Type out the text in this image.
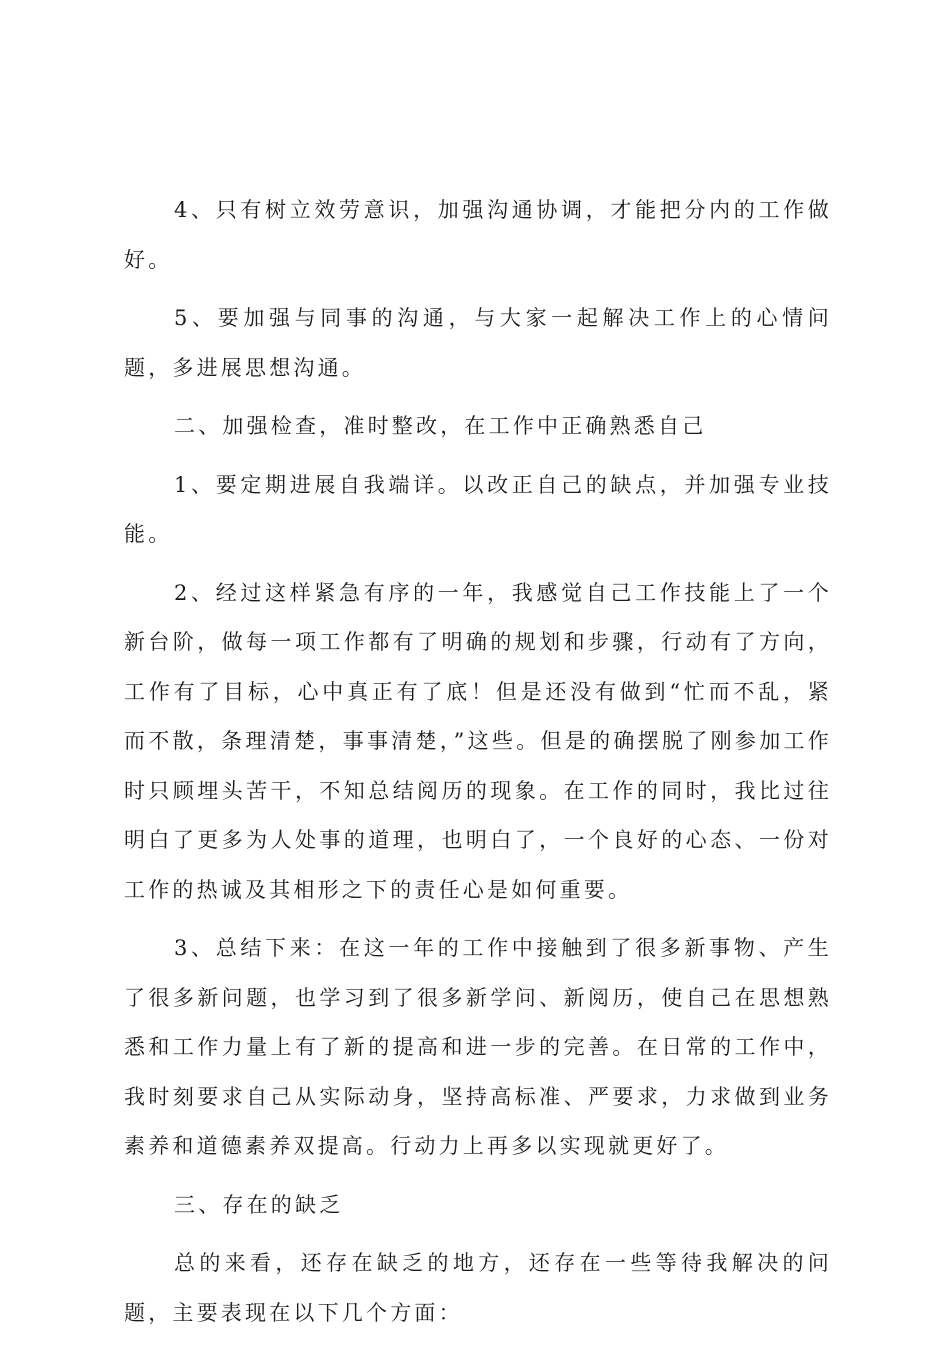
4、只有树立效劳意识，加强沟通协调，才能把分内的工作做好。

5、要加强与同事的沟通，与大家一起解决工作上的心情问题，多进展思想沟通。

二、加强检查，准时整改，在工作中正确熟悉自己

1、要定期进展自我端详。以改正自己的缺点，并加强专业技能。

2、经过这样紧急有序的一年，我感觉自己工作技能上了一个新台阶，做每一项工作都有了明确的规划和步骤，行动有了方向，工作有了目标，心中真正有了底！但是还没有做到“忙而不乱，紧而不散，条理清楚，事事清楚，”这些。但是的确摆脱了刚参加工作时只顾埋头苦干，不知总结阅历的现象。在工作的同时，我比过往明白了更多为人处事的道理，也明白了，一个良好的心态、一份对工作的热诚及其相形之下的责任心是如何重要。

3、总结下来：在这一年的工作中接触到了很多新事物、产生了很多新问题，也学习到了很多新学问、新阅历，使自己在思想熟悉和工作力量上有了新的提高和进一步的完善。在日常的工作中，我时刻要求自己从实际动身，坚持高标准、严要求，力求做到业务素养和道德素养双提高。行动力上再多以实现就更好了。

三、存在的缺乏

总的来看，还存在缺乏的地方，还存在一些等待我解决的问题，主要表现在以下几个方面：
